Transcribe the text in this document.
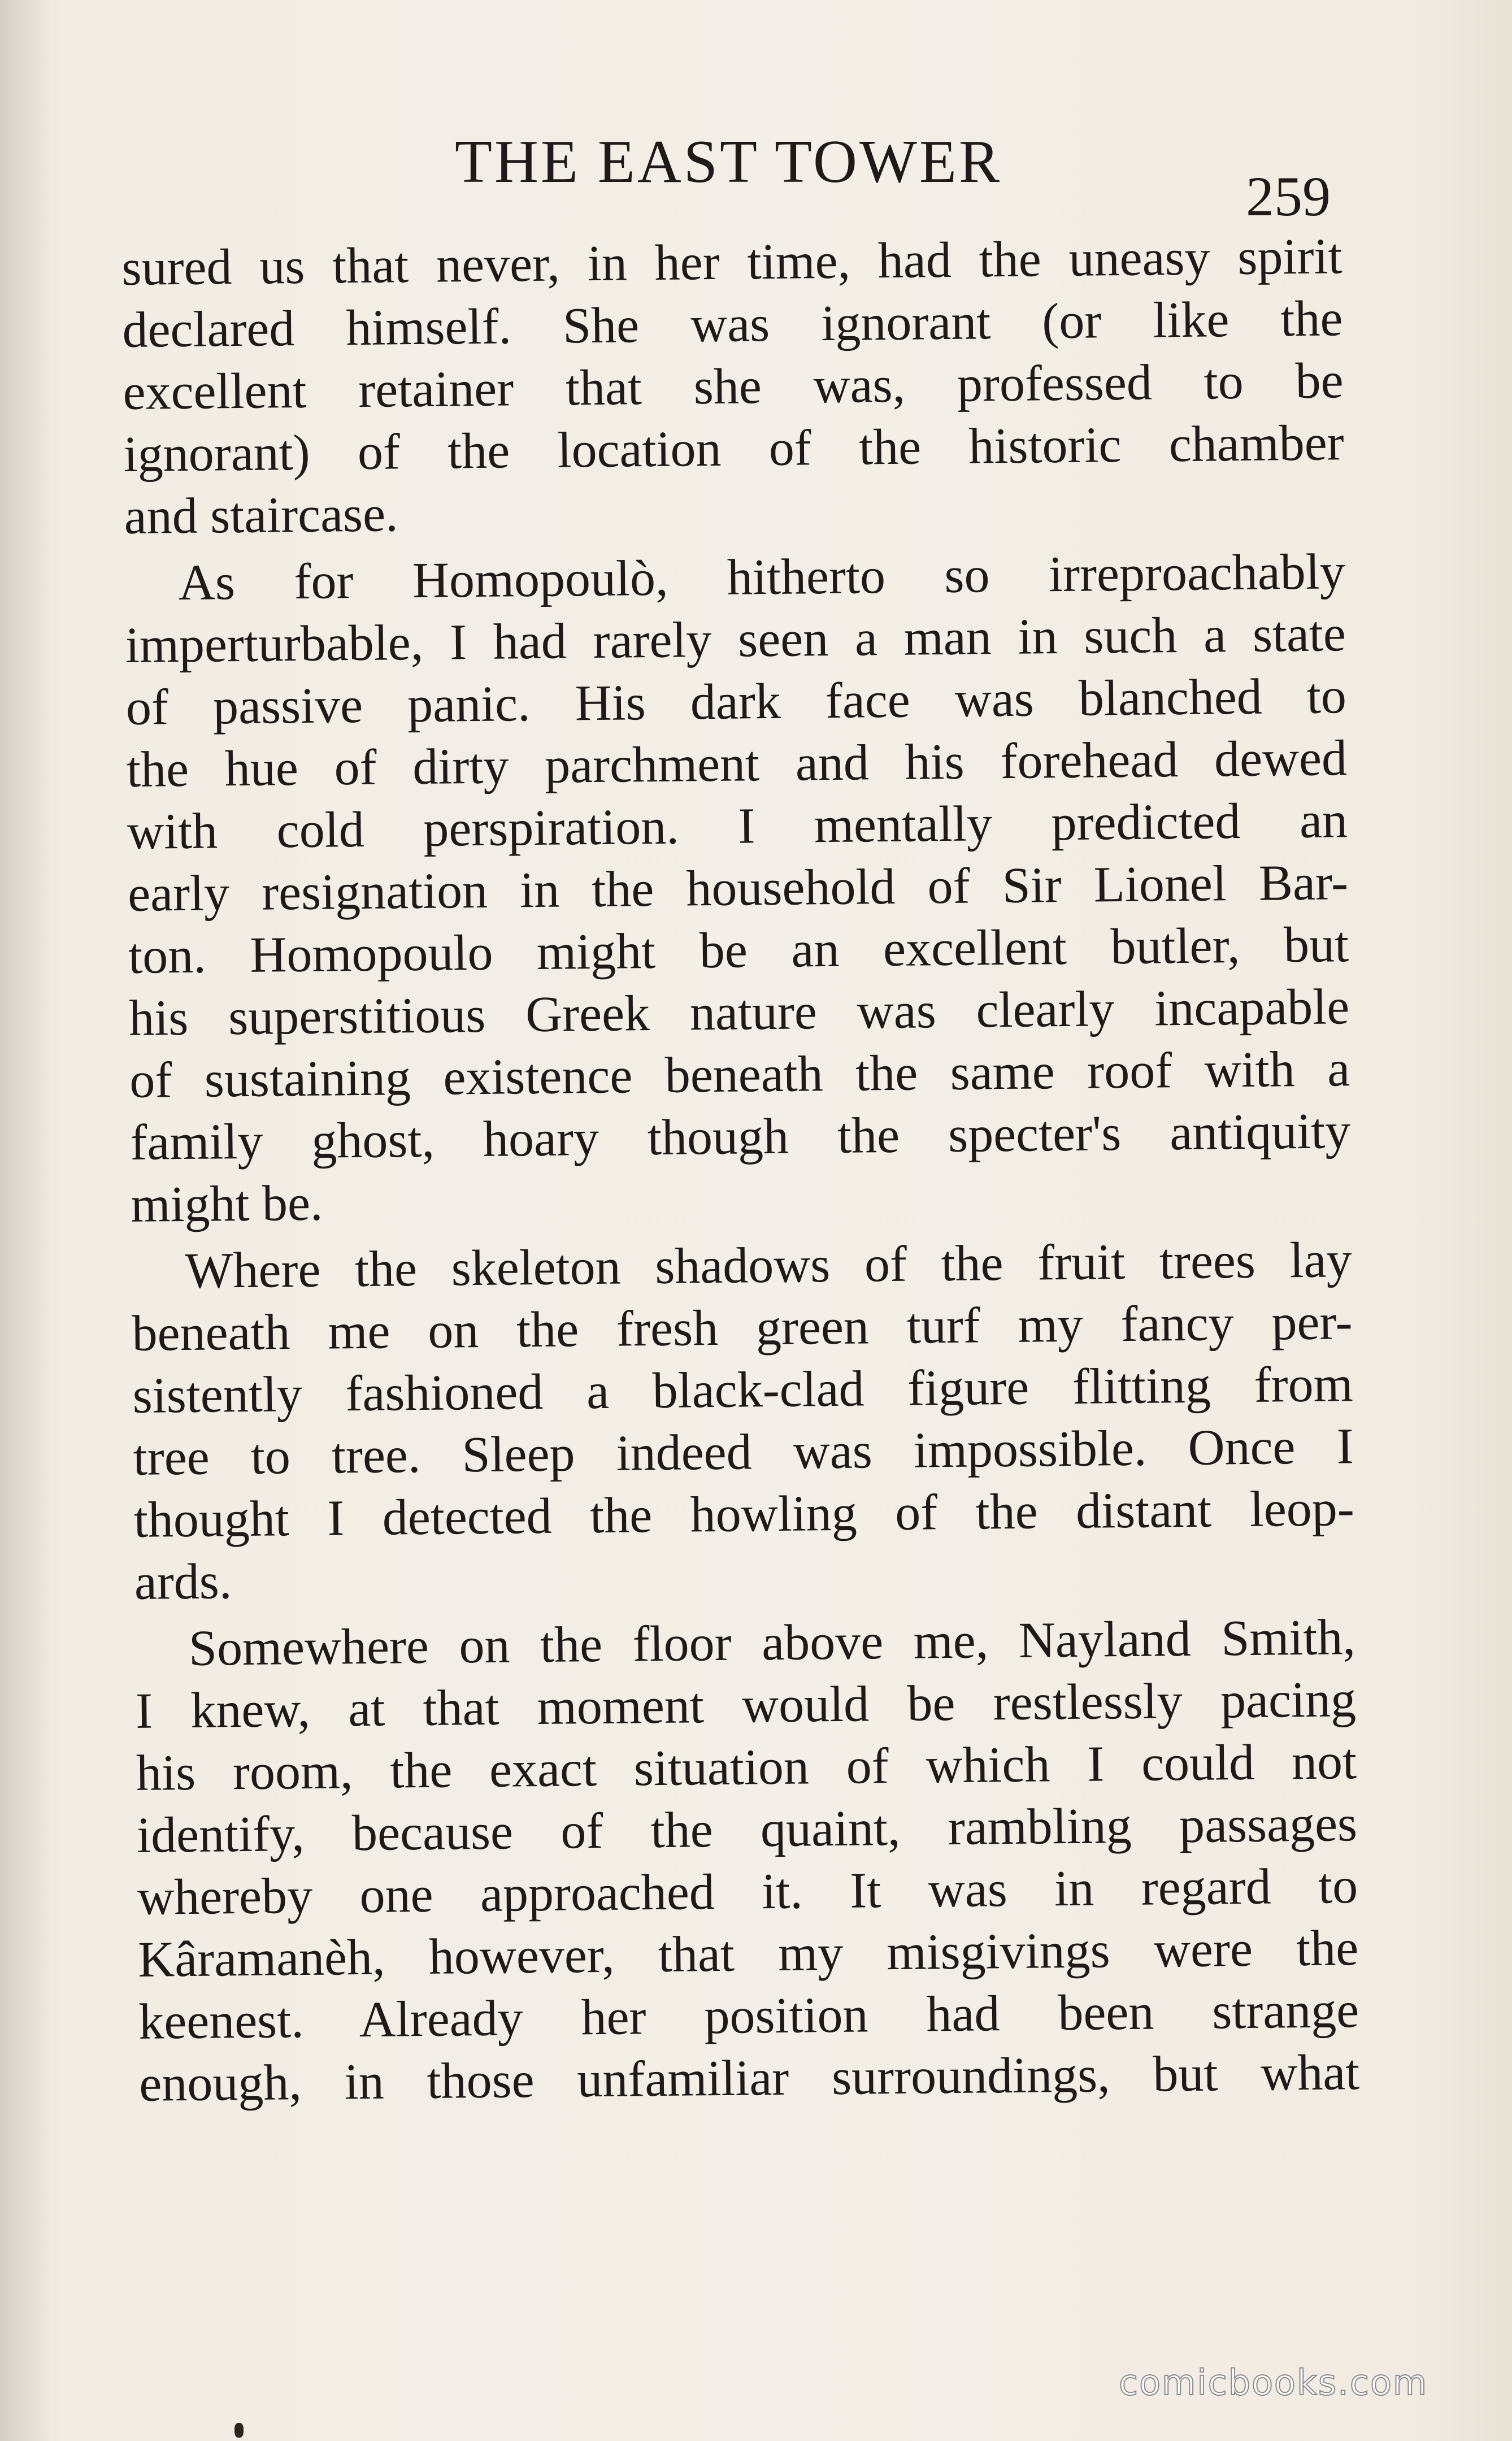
THE EAST TOWER
259
sured us that never, in her time, had the uneasy spirit
declared himself. She was ignorant (or like the
excellent retainer that she was, professed to be
ignorant) of the location of the historic chamber
and staircase.
As for Homopoulò, hitherto so irreproachably
imperturbable, I had rarely seen a man in such a state
of passive panic. His dark face was blanched to
the hue of dirty parchment and his forehead dewed
with cold perspiration. I mentally predicted an
early resignation in the household of Sir Lionel Bar-
ton. Homopoulo might be an excellent butler, but
his superstitious Greek nature was clearly incapable
of sustaining existence beneath the same roof with a
family ghost, hoary though the specter's antiquity
might be.
Where the skeleton shadows of the fruit trees lay
beneath me on the fresh green turf my fancy per-
sistently fashioned a black-clad figure flitting from
tree to tree. Sleep indeed was impossible. Once I
thought I detected the howling of the distant leop-
ards.
Somewhere on the floor above me, Nayland Smith,
I knew, at that moment would be restlessly pacing
his room, the exact situation of which I could not
identify, because of the quaint, rambling passages
whereby one approached it. It was in regard to
Kâramanèh, however, that my misgivings were the
keenest. Already her position had been strange
enough, in those unfamiliar surroundings, but what
comicbooks.com
